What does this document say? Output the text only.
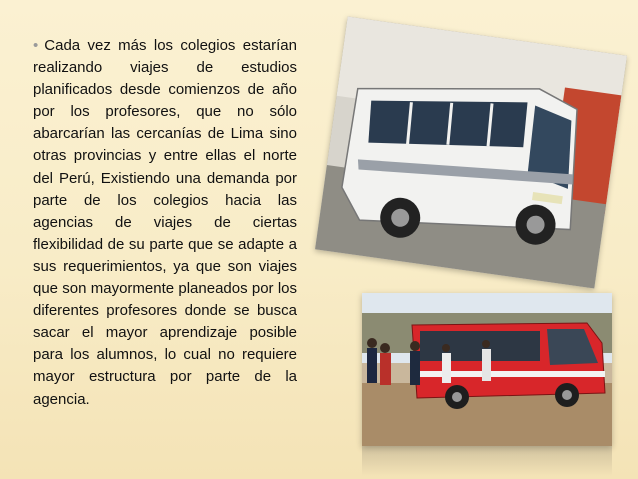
• Cada vez más los colegios estarían realizando viajes de estudios planificados desde comienzos de año por los profesores, que no sólo abarcarían las cercanías de Lima sino otras provincias y entre ellas el norte del Perú, Existiendo una demanda por parte de los colegios hacia las agencias de viajes de ciertas flexibilidad de su parte que se adapte a sus requerimientos, ya que son viajes que son mayormente planeados por los diferentes profesores donde se busca sacar el mayor aprendizaje posible para los alumnos, lo cual no requiere mayor estructura por parte de la agencia.
